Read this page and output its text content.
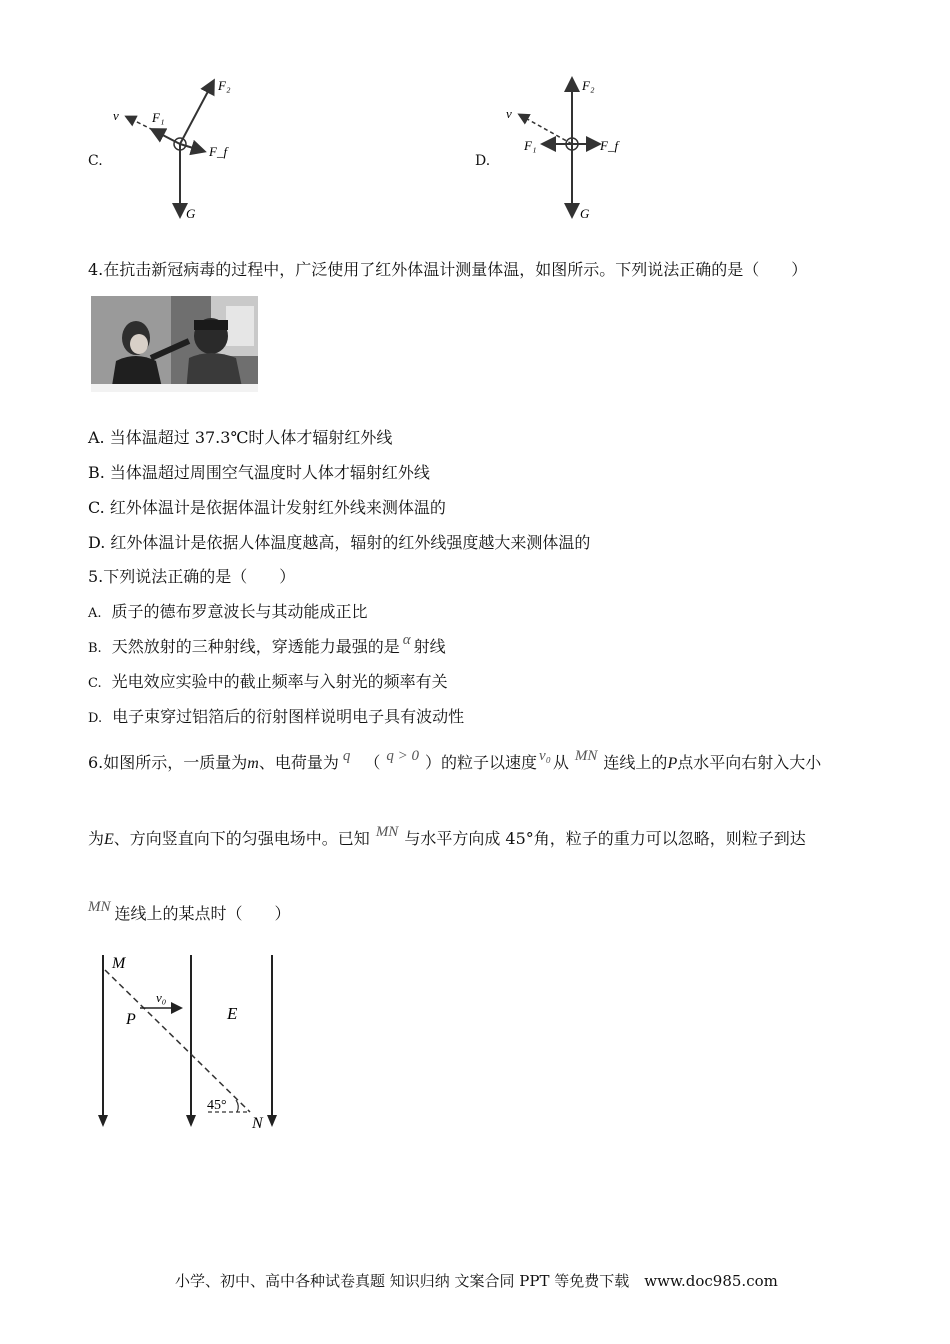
C.
v	F₁
F₂
F_f
G
D.
v
F₁
F₂
F_f
G
4.在抗击新冠病毒的过程中，广泛使用了红外体温计测量体温，如图所示。下列说法正确的是（　　）
A. 当体温超过 37.3℃时人体才辐射红外线
B. 当体温超过周围空气温度时人体才辐射红外线
C. 红外体温计是依据体温计发射红外线来测体温的
D. 红外体温计是依据人体温度越高，辐射的红外线强度越大来测体温的
5.下列说法正确的是（　　）
A. 质子的德布罗意波长与其动能成正比
B. 天然放射的三种射线，穿透能力最强的是 α 射线
C. 光电效应实验中的截止频率与入射光的频率有关
D. 电子束穿过铝箔后的衍射图样说明电子具有波动性
6.如图所示，一质量为m、电荷量为 q （ q > 0 ）的粒子以速度 v₀ 从 MN 连线上的P点水平向右射入大小
为E、方向竖直向下的匀强电场中。已知 MN 与水平方向成 45°角，粒子的重力可以忽略，则粒子到达
MN 连线上的某点时（　　）
M
P
v₀
E
45°
N
小学、初中、高中各种试卷真题 知识归纳 文案合同 PPT 等免费下载　www.doc985.com
